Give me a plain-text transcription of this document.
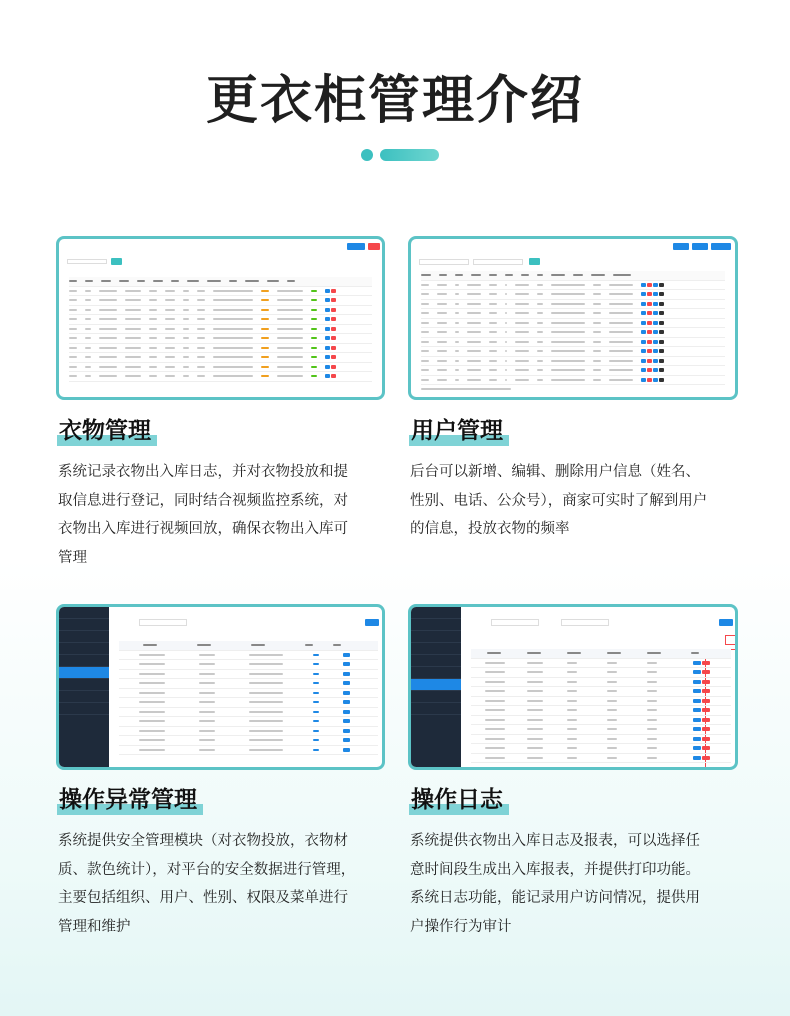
更衣柜管理介绍
衣物管理	用户管理
操作异常管理	操作日志
系统记录衣物出入库日志，并对衣物投放和提取信息进行登记，同时结合视频监控系统，对衣物出入库进行视频回放，确保衣物出入库可管理
后台可以新增、编辑、删除用户信息（姓名、性别、电话、公众号），商家可实时了解到用户的信息，投放衣物的频率
系统提供安全管理模块（对衣物投放，衣物材质、款色统计），对平台的安全数据进行管理，主要包括组织、用户、性别、权限及菜单进行管理和维护
系统提供衣物出入库日志及报表，可以选择任意时间段生成出入库报表，并提供打印功能。系统日志功能，能记录用户访问情况，提供用户操作行为审计
